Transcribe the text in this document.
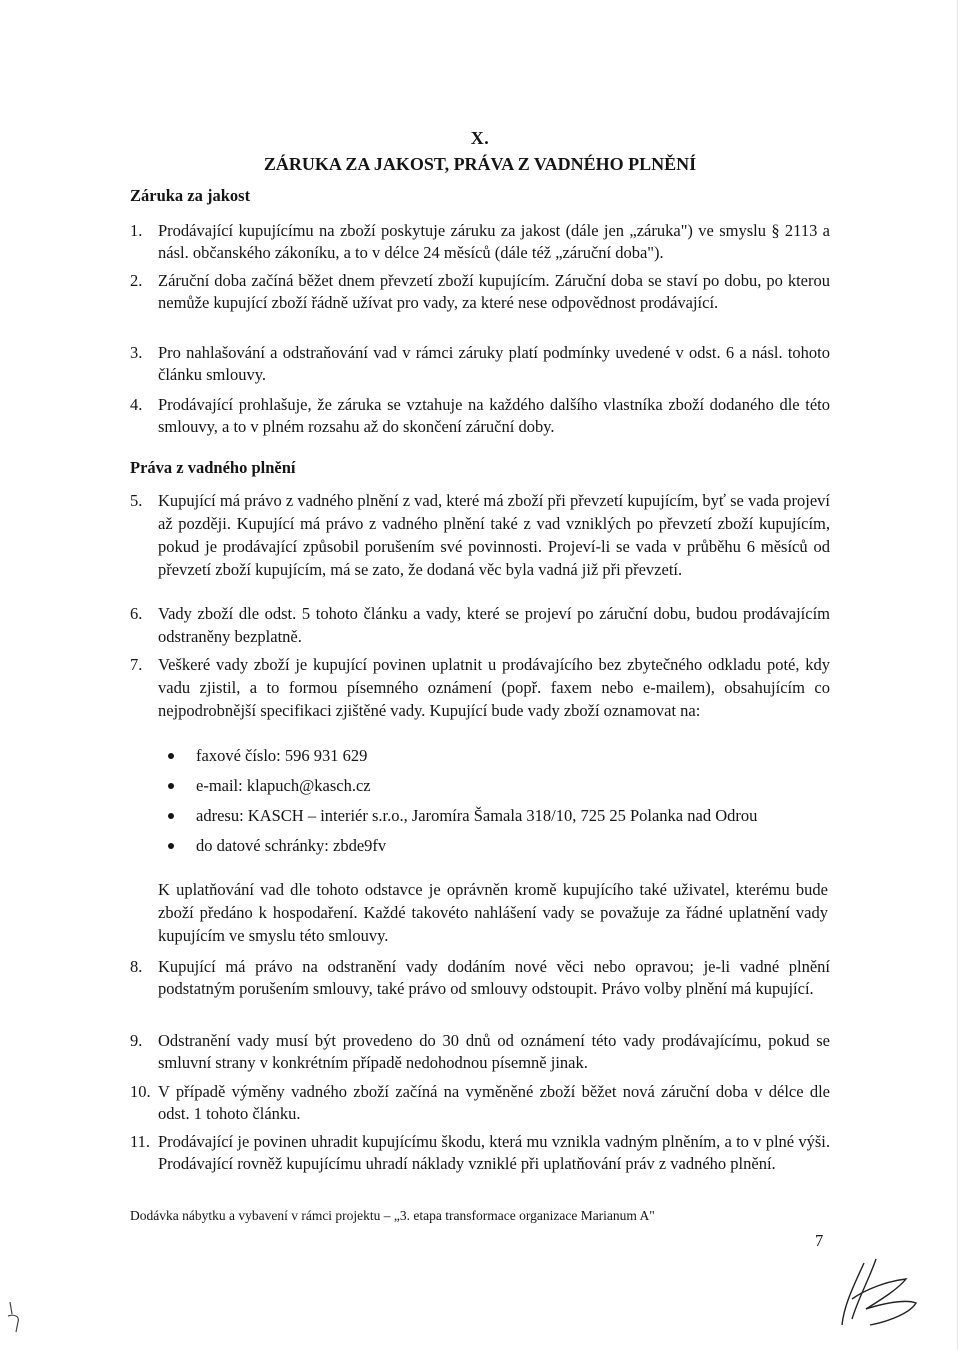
X.
ZÁRUKA ZA JAKOST, PRÁVA Z VADNÉHO PLNĚNÍ
Záruka za jakost
1. Prodávající kupujícímu na zboží poskytuje záruku za jakost (dále jen „záruka") ve smyslu § 2113 a násl. občanského zákoníku, a to v délce 24 měsíců (dále též „záruční doba").
2. Záruční doba začíná běžet dnem převzetí zboží kupujícím. Záruční doba se staví po dobu, po kterou nemůže kupující zboží řádně užívat pro vady, za které nese odpovědnost prodávající.
3. Pro nahlašování a odstraňování vad v rámci záruky platí podmínky uvedené v odst. 6 a násl. tohoto článku smlouvy.
4. Prodávající prohlašuje, že záruka se vztahuje na každého dalšího vlastníka zboží dodaného dle této smlouvy, a to v plném rozsahu až do skončení záruční doby.
Práva z vadného plnění
5. Kupující má právo z vadného plnění z vad, které má zboží při převzetí kupujícím, byť se vada projeví až později. Kupující má právo z vadného plnění také z vad vzniklých po převzetí zboží kupujícím, pokud je prodávající způsobil porušením své povinnosti. Projeví-li se vada v průběhu 6 měsíců od převzetí zboží kupujícím, má se zato, že dodaná věc byla vadná již při převzetí.
6. Vady zboží dle odst. 5 tohoto článku a vady, které se projeví po záruční dobu, budou prodávajícím odstraněny bezplatně.
7. Veškeré vady zboží je kupující povinen uplatnit u prodávajícího bez zbytečného odkladu poté, kdy vadu zjistil, a to formou písemného oznámení (popř. faxem nebo e-mailem), obsahujícím co nejpodrobnější specifikaci zjištěné vady. Kupující bude vady zboží oznamovat na:
faxové číslo: 596 931 629
e-mail: klapuch@kasch.cz
adresu: KASCH – interiér s.r.o., Jaromíra Šamala 318/10, 725 25 Polanka nad Odrou
do datové schránky: zbde9fv
K uplatňování vad dle tohoto odstavce je oprávněn kromě kupujícího také uživatel, kterému bude zboží předáno k hospodaření. Každé takovéto nahlášení vady se považuje za řádné uplatnění vady kupujícím ve smyslu této smlouvy.
8. Kupující má právo na odstranění vady dodáním nové věci nebo opravou; je-li vadné plnění podstatným porušením smlouvy, také právo od smlouvy odstoupit. Právo volby plnění má kupující.
9. Odstranění vady musí být provedeno do 30 dnů od oznámení této vady prodávajícímu, pokud se smluvní strany v konkrétním případě nedohodnou písemně jinak.
10. V případě výměny vadného zboží začíná na vyměněné zboží běžet nová záruční doba v délce dle odst. 1 tohoto článku.
11. Prodávající je povinen uhradit kupujícímu škodu, která mu vznikla vadným plněním, a to v plné výši. Prodávající rovněž kupujícímu uhradí náklady vzniklé při uplatňování práv z vadného plnění.
Dodávka nábytku a vybavení v rámci projektu – „3. etapa transformace organizace Marianum A"
7
